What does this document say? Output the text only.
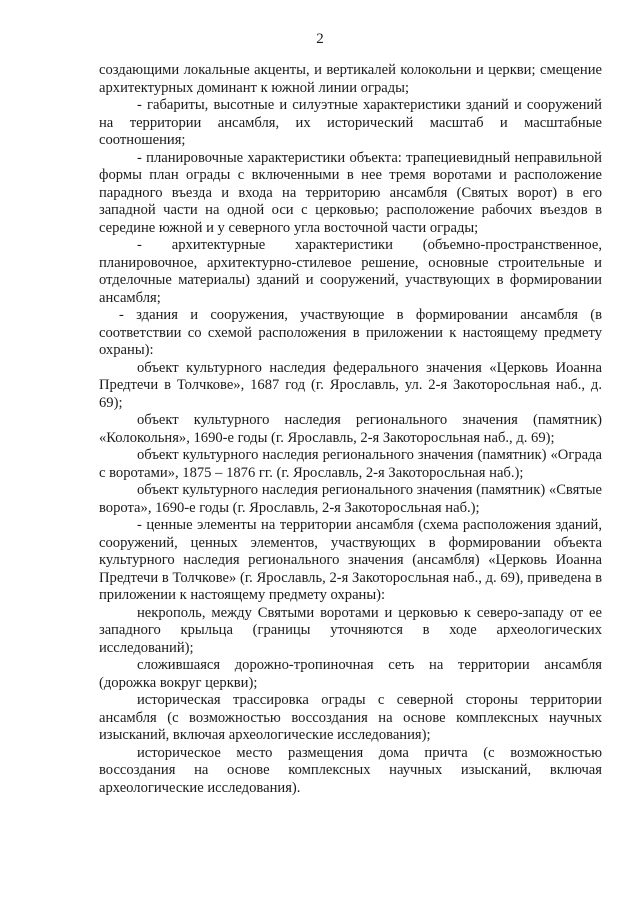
2

создающими локальные акценты, и вертикалей колокольни и церкви; смещение архитектурных доминант к южной линии ограды;

- габариты, высотные и силуэтные характеристики зданий и сооружений на территории ансамбля, их исторический масштаб и масштабные соотношения;

- планировочные характеристики объекта: трапециевидный неправильной формы план ограды с включенными в нее тремя воротами и расположение парадного въезда и входа на территорию ансамбля (Святых ворот) в его западной части на одной оси с церковью; расположение рабочих въездов в середине южной и у северного угла восточной части ограды;

- архитектурные характеристики (объемно-пространственное, планировочное, архитектурно-стилевое решение, основные строительные и отделочные материалы) зданий и сооружений, участвующих в формировании ансамбля;

- здания и сооружения, участвующие в формировании ансамбля (в соответствии со схемой расположения в приложении к настоящему предмету охраны):

объект культурного наследия федерального значения «Церковь Иоанна Предтечи в Толчкове», 1687 год (г. Ярославль, ул. 2-я Закоторосльная наб., д. 69);

объект культурного наследия регионального значения (памятник) «Колокольня», 1690-е годы (г. Ярославль, 2-я Закоторосльная наб., д. 69);

объект культурного наследия регионального значения (памятник) «Ограда с воротами», 1875 – 1876 гг. (г. Ярославль, 2-я Закоторосльная наб.);

объект культурного наследия регионального значения (памятник) «Святые ворота», 1690-е годы (г. Ярославль, 2-я Закоторосльная наб.);

- ценные элементы на территории ансамбля (схема расположения зданий, сооружений, ценных элементов, участвующих в формировании объекта культурного наследия регионального значения (ансамбля) «Церковь Иоанна Предтечи в Толчкове» (г. Ярославль, 2-я Закоторосльная наб., д. 69), приведена в приложении к настоящему предмету охраны):

некрополь, между Святыми воротами и церковью к северо-западу от ее западного крыльца (границы уточняются в ходе археологических исследований);

сложившаяся дорожно-тропиночная сеть на территории ансамбля (дорожка вокруг церкви);

историческая трассировка ограды с северной стороны территории ансамбля (с возможностью воссоздания на основе комплексных научных изысканий, включая археологические исследования);

историческое место размещения дома причта (с возможностью воссоздания на основе комплексных научных изысканий, включая археологические исследования).
